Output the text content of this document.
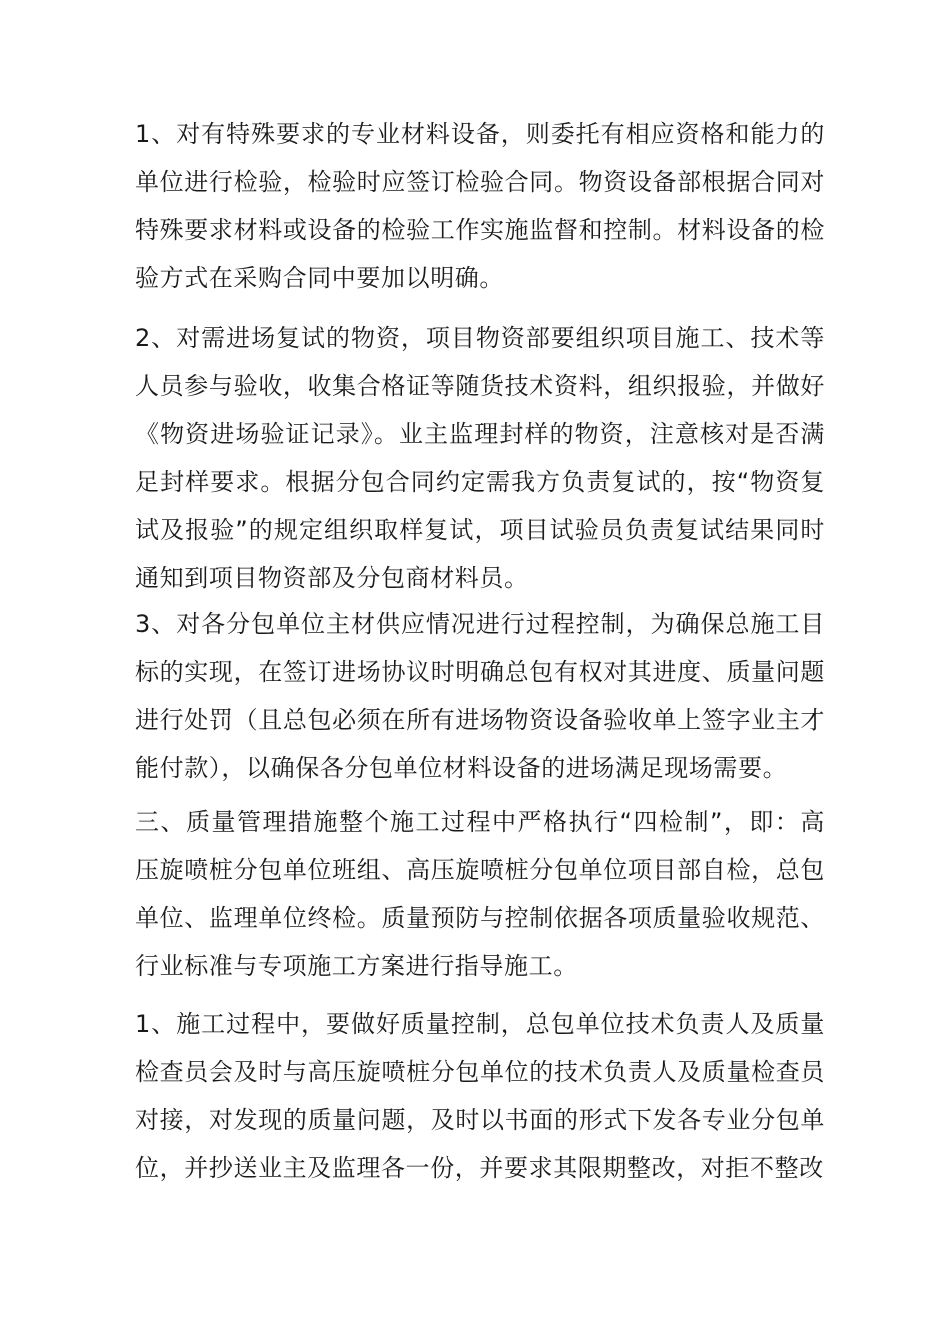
1、对有特殊要求的专业材料设备，则委托有相应资格和能力的单位进行检验，检验时应签订检验合同。物资设备部根据合同对特殊要求材料或设备的检验工作实施监督和控制。材料设备的检验方式在采购合同中要加以明确。

2、对需进场复试的物资，项目物资部要组织项目施工、技术等人员参与验收，收集合格证等随货技术资料，组织报验，并做好《物资进场验证记录》。业主监理封样的物资，注意核对是否满足封样要求。根据分包合同约定需我方负责复试的，按“物资复试及报验”的规定组织取样复试，项目试验员负责复试结果同时通知到项目物资部及分包商材料员。

3、对各分包单位主材供应情况进行过程控制，为确保总施工目标的实现，在签订进场协议时明确总包有权对其进度、质量问题进行处罚（且总包必须在所有进场物资设备验收单上签字业主才能付款），以确保各分包单位材料设备的进场满足现场需要。

三、质量管理措施整个施工过程中严格执行“四检制”，即：高压旋喷桩分包单位班组、高压旋喷桩分包单位项目部自检，总包单位、监理单位终检。质量预防与控制依据各项质量验收规范、行业标准与专项施工方案进行指导施工。

1、施工过程中，要做好质量控制，总包单位技术负责人及质量检查员会及时与高压旋喷桩分包单位的技术负责人及质量检查员对接，对发现的质量问题，及时以书面的形式下发各专业分包单位，并抄送业主及监理各一份，并要求其限期整改，对拒不整改
